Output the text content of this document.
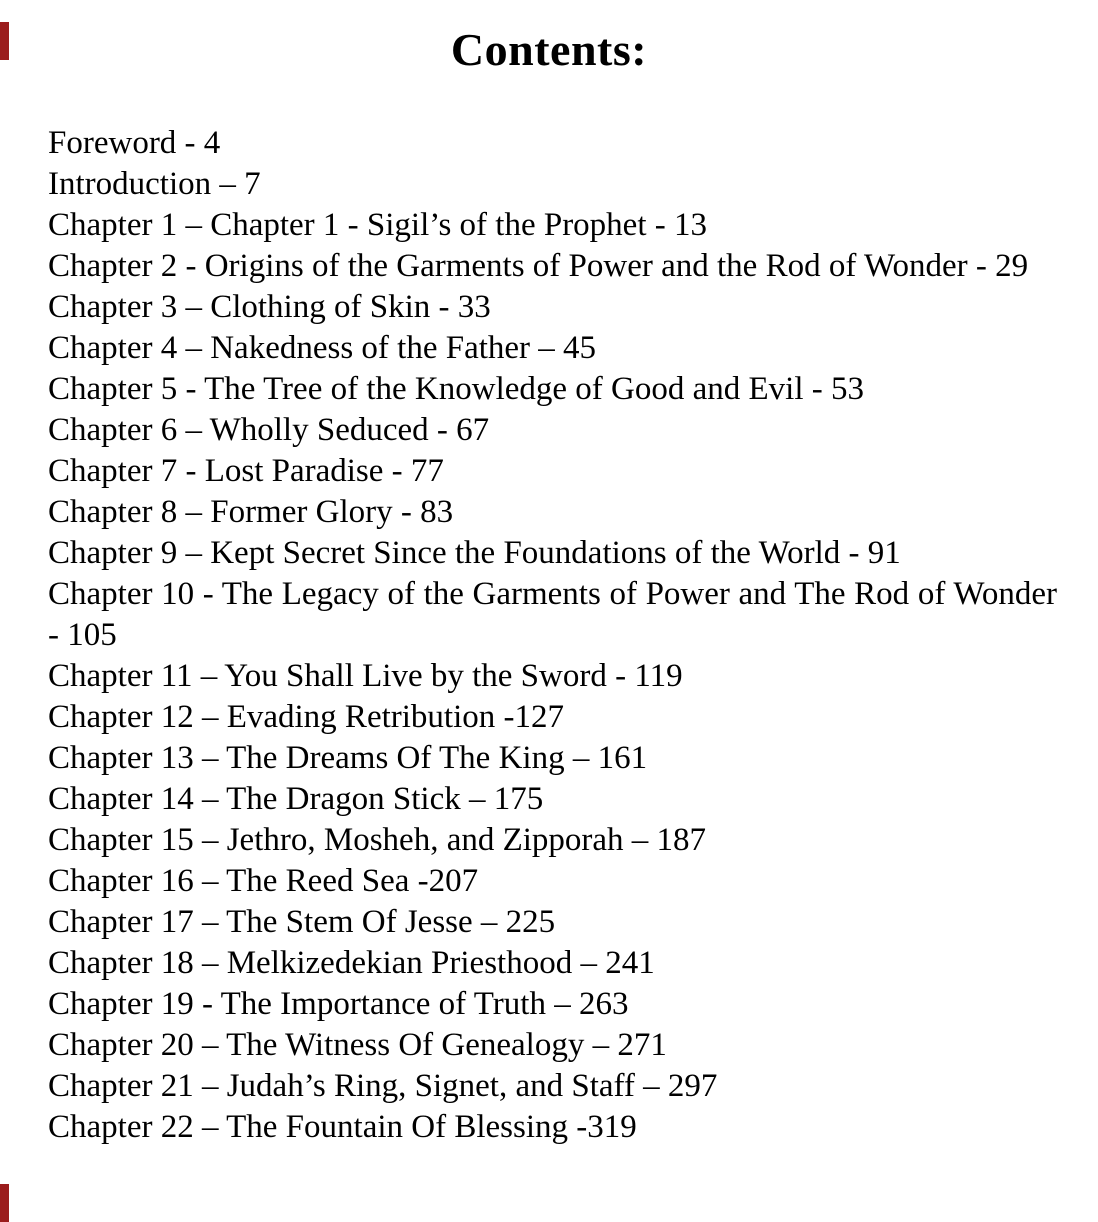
Contents:
Foreword - 4
Introduction – 7
Chapter 1 – Chapter 1 - Sigil’s of the Prophet - 13
Chapter 2 - Origins of the Garments of Power and the Rod of Wonder - 29
Chapter 3 – Clothing of Skin - 33
Chapter 4 – Nakedness of the Father – 45
Chapter 5 - The Tree of the Knowledge of Good and Evil - 53
Chapter 6 – Wholly Seduced - 67
Chapter 7 - Lost Paradise - 77
Chapter 8 – Former Glory - 83
Chapter 9 – Kept Secret Since the Foundations of the World - 91
Chapter 10 - The Legacy of the Garments of Power and The Rod of Wonder - 105
Chapter 11 – You Shall Live by the Sword - 119
Chapter 12 – Evading Retribution -127
Chapter 13 – The Dreams Of The King – 161
Chapter 14 – The Dragon Stick – 175
Chapter 15 – Jethro, Mosheh, and Zipporah – 187
Chapter 16 – The Reed Sea -207
Chapter 17 – The Stem Of Jesse – 225
Chapter 18 – Melkizedekian Priesthood – 241
Chapter 19 - The Importance of Truth – 263
Chapter 20 – The Witness Of Genealogy – 271
Chapter 21 – Judah’s Ring, Signet, and Staff – 297
Chapter 22 – The Fountain Of Blessing -319
